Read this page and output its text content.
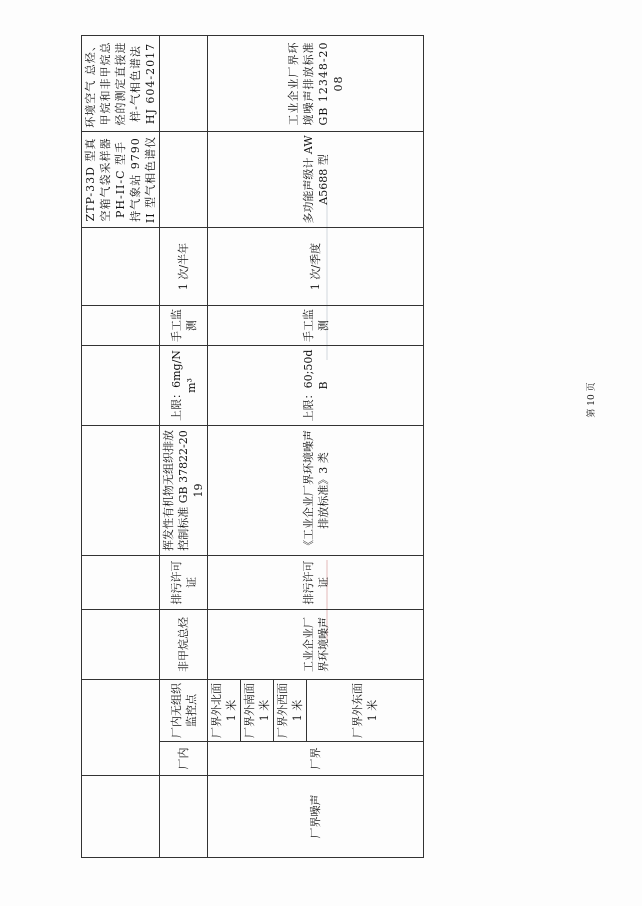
									ZTP-33D 型真空箱气袋采样器 PH-II-C 型手持气象站 9790II 型气相色谱仪	环境空气 总烃、甲烷和非甲烷总烃的测定直接进样-气相色谱法 HJ 604-2017
	厂内	厂内无组织监控点	非甲烷总烃	排污许可证	挥发性有机物无组织排放控制标准 GB 37822-2019	上限：6mg/Nm³	手工监测	1 次/半年		
厂界噪声	厂界	厂界外北面 1 米	工业企业厂界环境噪声	排污许可证	《工业企业厂界环境噪声排放标准》3 类	上限：60;50dB	手工监测	1 次/季度	多功能声级计 AWA5688 型	工业企业厂界环境噪声排放标准 GB 12348-2008
		厂界外南面 1 米								
		厂界外西面 1 米								
		厂界外东面 1 米								
第 10 页
